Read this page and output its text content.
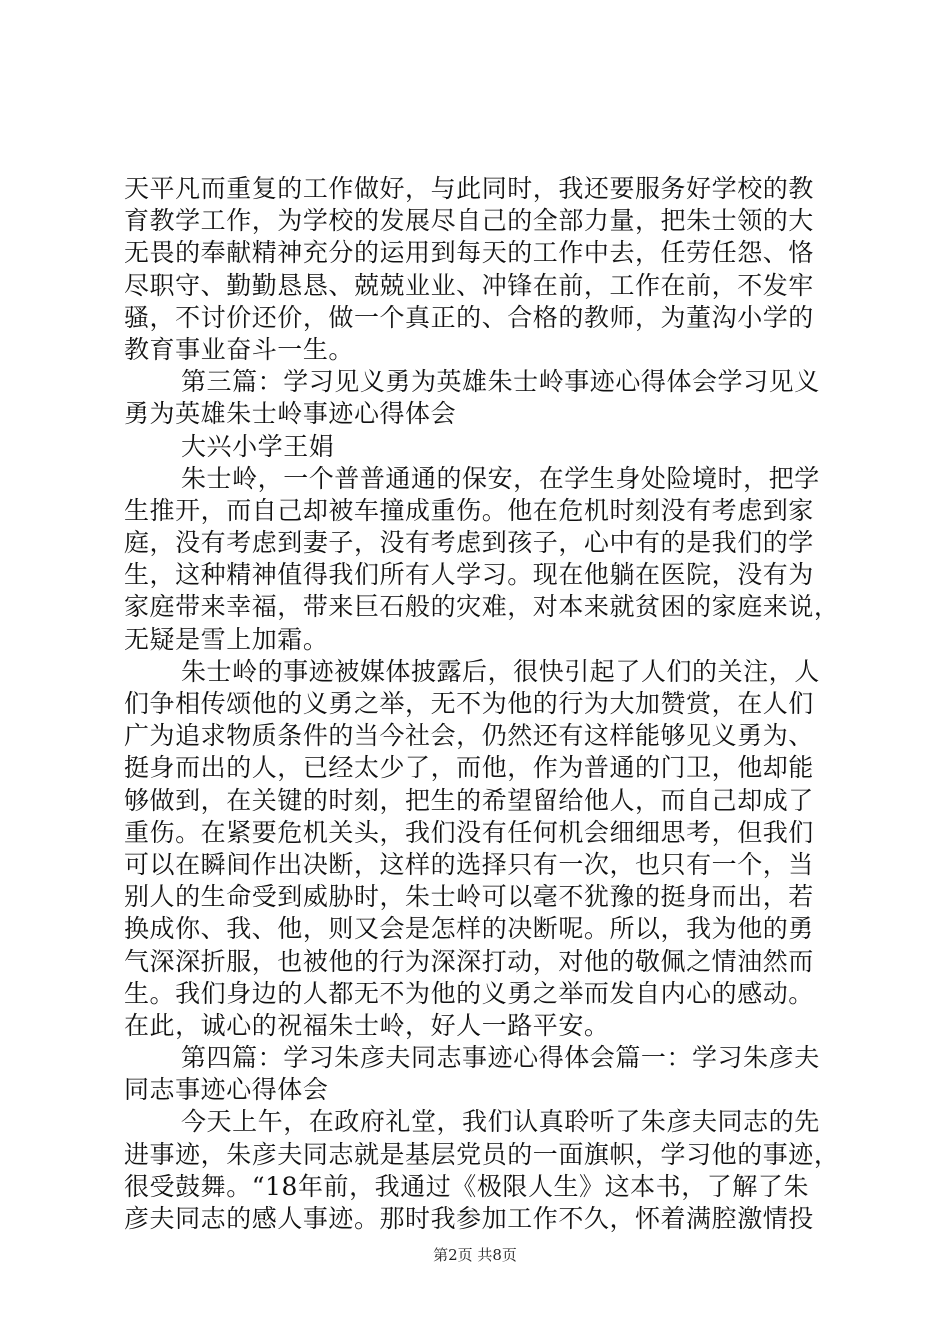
天平凡而重复的工作做好，与此同时，我还要服务好学校的教
育教学工作，为学校的发展尽自己的全部力量，把朱士领的大
无畏的奉献精神充分的运用到每天的工作中去，任劳任怨、恪
尽职守、勤勤恳恳、兢兢业业、冲锋在前，工作在前，不发牢
骚，不讨价还价，做一个真正的、合格的教师，为董沟小学的
教育事业奋斗一生。
第三篇：学习见义勇为英雄朱士岭事迹心得体会学习见义
勇为英雄朱士岭事迹心得体会
大兴小学王娟
朱士岭，一个普普通通的保安，在学生身处险境时，把学
生推开，而自己却被车撞成重伤。他在危机时刻没有考虑到家
庭，没有考虑到妻子，没有考虑到孩子，心中有的是我们的学
生，这种精神值得我们所有人学习。现在他躺在医院，没有为
家庭带来幸福，带来巨石般的灾难，对本来就贫困的家庭来说，
无疑是雪上加霜。
朱士岭的事迹被媒体披露后，很快引起了人们的关注，人
们争相传颂他的义勇之举，无不为他的行为大加赞赏，在人们
广为追求物质条件的当今社会，仍然还有这样能够见义勇为、
挺身而出的人，已经太少了，而他，作为普通的门卫，他却能
够做到，在关键的时刻，把生的希望留给他人，而自己却成了
重伤。在紧要危机关头，我们没有任何机会细细思考，但我们
可以在瞬间作出决断，这样的选择只有一次，也只有一个，当
别人的生命受到威胁时，朱士岭可以毫不犹豫的挺身而出，若
换成你、我、他，则又会是怎样的决断呢。所以，我为他的勇
气深深折服，也被他的行为深深打动，对他的敬佩之情油然而
生。我们身边的人都无不为他的义勇之举而发自内心的感动。
在此，诚心的祝福朱士岭，好人一路平安。
第四篇：学习朱彦夫同志事迹心得体会篇一：学习朱彦夫
同志事迹心得体会
今天上午，在政府礼堂，我们认真聆听了朱彦夫同志的先
进事迹，朱彦夫同志就是基层党员的一面旗帜，学习他的事迹，
很受鼓舞。“18年前，我通过《极限人生》这本书，了解了朱
彦夫同志的感人事迹。那时我参加工作不久，怀着满腔激情投
第2页 共8页
